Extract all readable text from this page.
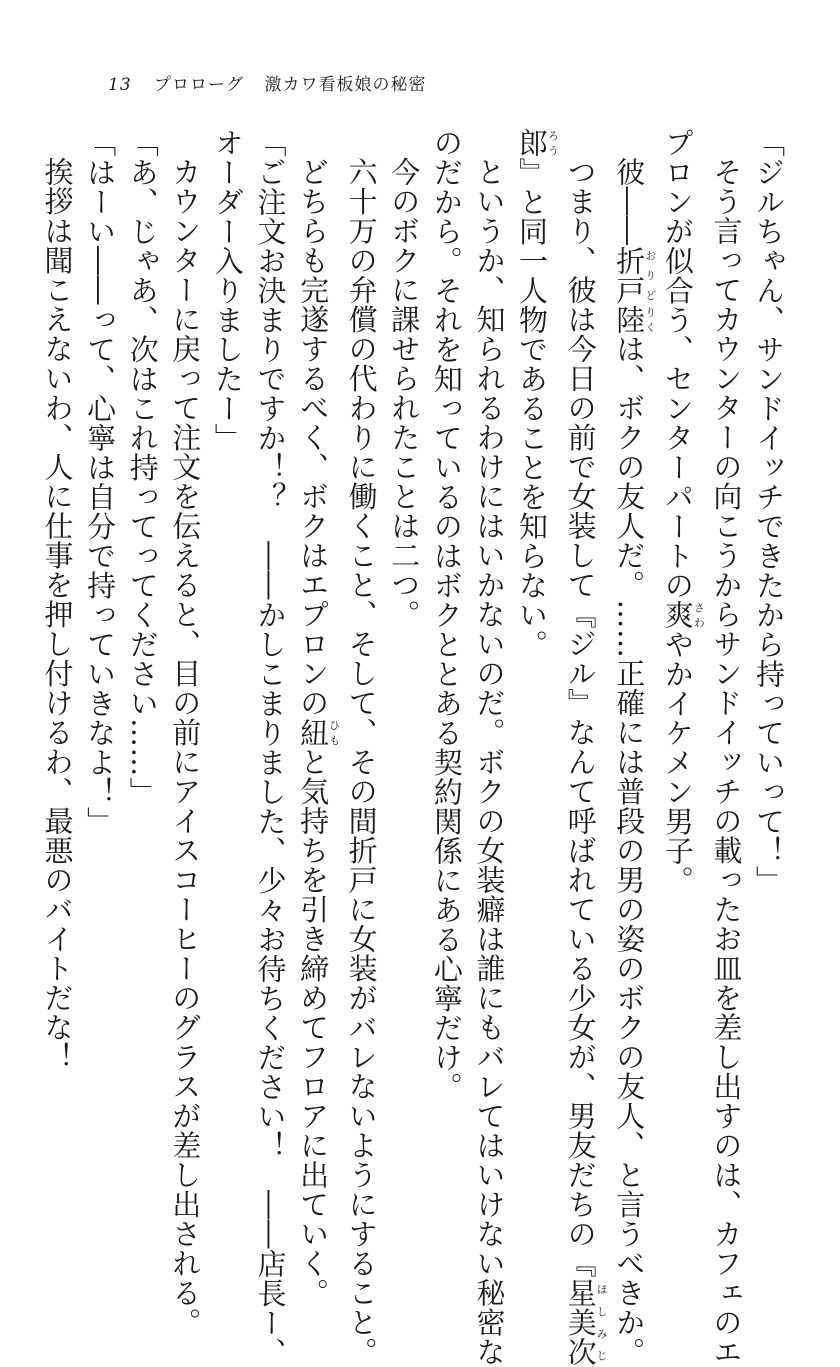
13 プロローグ 激カワ看板娘の秘密

「ジルちゃん、サンドイッチできたから持っていって！」

そう言ってカウンターの向こうからサンドイッチの載ったお皿を差し出すのは、カフェのエ

プロンが似合う、センターパートの爽さわやかイケメン男子。

彼――折戸おりど陸りくは、ボクの友人だ。……正確には普段の男の姿のボクの友人、と言うべきか。

つまり、彼は今日の前で女装して『ジル』なんて呼ばれている少女が、男友だちの『星美次ほしみじ

郎ろう』と同一人物であることを知らない。

というか、知られるわけにはいかないのだ。ボクの女装癖は誰にもバレてはいけない秘密な

のだから。それを知っているのはボクととある契約関係にある心寧だけ。

今のボクに課せられたことは二つ。

六十万の弁償の代わりに働くこと、そして、その間折戸に女装がバレないようにすること。

どちらも完遂するべく、ボクはエプロンの紐ひもと気持ちを引き締めてフロアに出ていく。

「ご注文お決まりですか！？　――かしこまりました、少々お待ちください！　――店長ー、

オーダー入りましたー」

カウンターに戻って注文を伝えると、目の前にアイスコーヒーのグラスが差し出される。

「あ、じゃあ、次はこれ持ってってください……」

「はーい――って、心寧は自分で持っていきなよ！」

挨拶は聞こえないわ、人に仕事を押し付けるわ、最悪のバイトだな！
